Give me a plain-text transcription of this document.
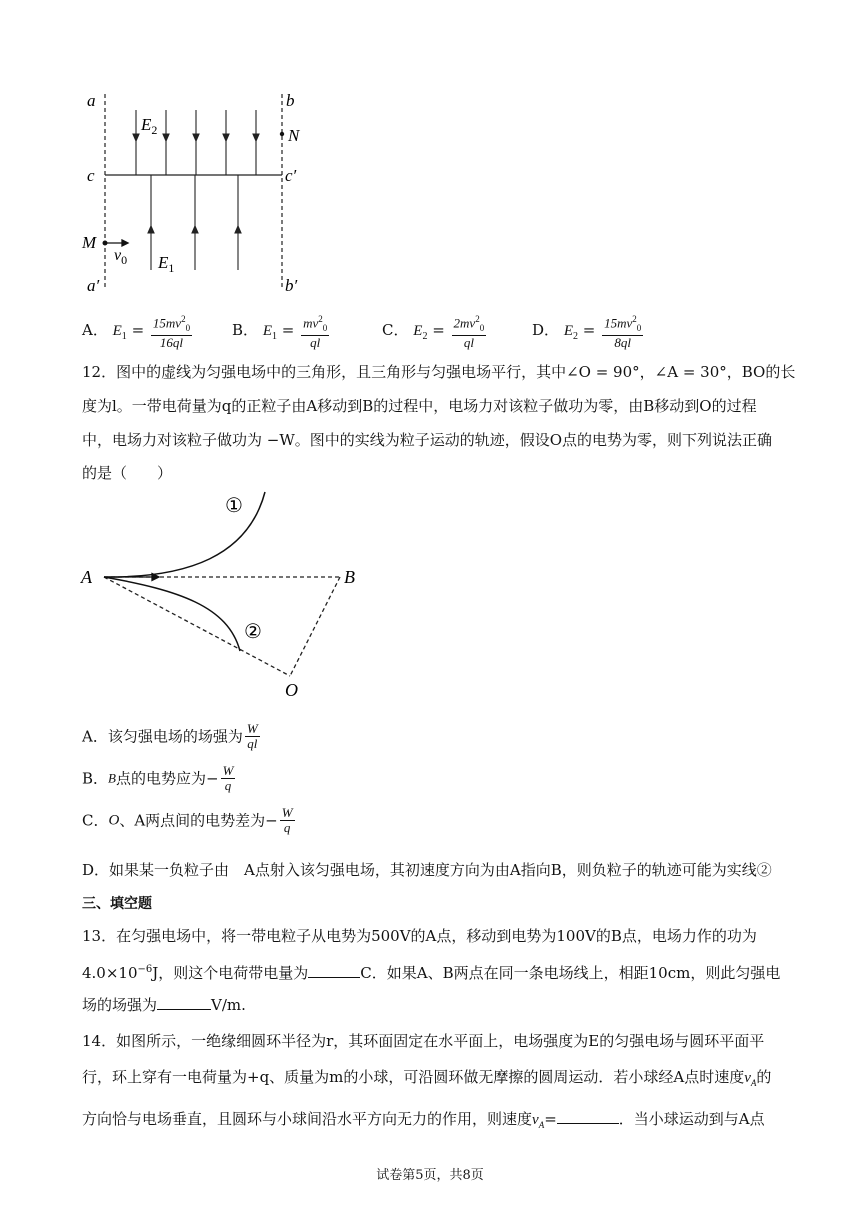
a	b
c	c′
a′	b′
M
N
$E_2$
$E_1$
$v_0$
A． $E_1 = \frac{15mv^2_0}{16ql}$	B． $E_1 = \frac{mv^2_0}{ql}$	C． $E_2 = \frac{2mv^2_0}{ql}$	D． $E_2 = \frac{15mv^2_0}{8ql}$
12．图中的虚线为匀强电场中的三角形，且三角形与匀强电场平行，其中∠O = 90°，∠A = 30°，BO的长
度为l。一带电荷量为q的正粒子由A移动到B的过程中，电场力对该粒子做功为零，由B移动到O的过程
中，电场力对该粒子做功为 −W。图中的实线为粒子运动的轨迹，假设O点的电势为零，则下列说法正确
的是（　　）
A	B
O
①
②
A．该匀强电场的场强为 $\frac{W}{ql}$
B．B点的电势应为− $\frac{W}{q}$
C．O、A两点间的电势差为− $\frac{W}{q}$
D．如果某一负粒子由　A点射入该匀强电场，其初速度方向为由A指向B，则负粒子的轨迹可能为实线②
三、填空题
13．在匀强电场中，将一带电粒子从电势为500V的A点，移动到电势为100V的B点，电场力作的功为
$4.0\times 10^{-6}J$，则这个电荷带电量为	C．如果A、B两点在同一条电场线上，相距10cm，则此匀强电
场的场强为	V/m.
14．如图所示，一绝缘细圆环半径为r，其环面固定在水平面上，电场强度为E的匀强电场与圆环平面平
行，环上穿有一电荷量为+q、质量为m的小球，可沿圆环做无摩擦的圆周运动．若小球经A点时速度$v_A$的
方向恰与电场垂直，且圆环与小球间沿水平方向无力的作用，则速度$v_A=$	．当小球运动到与A点
试卷第5页，共8页
